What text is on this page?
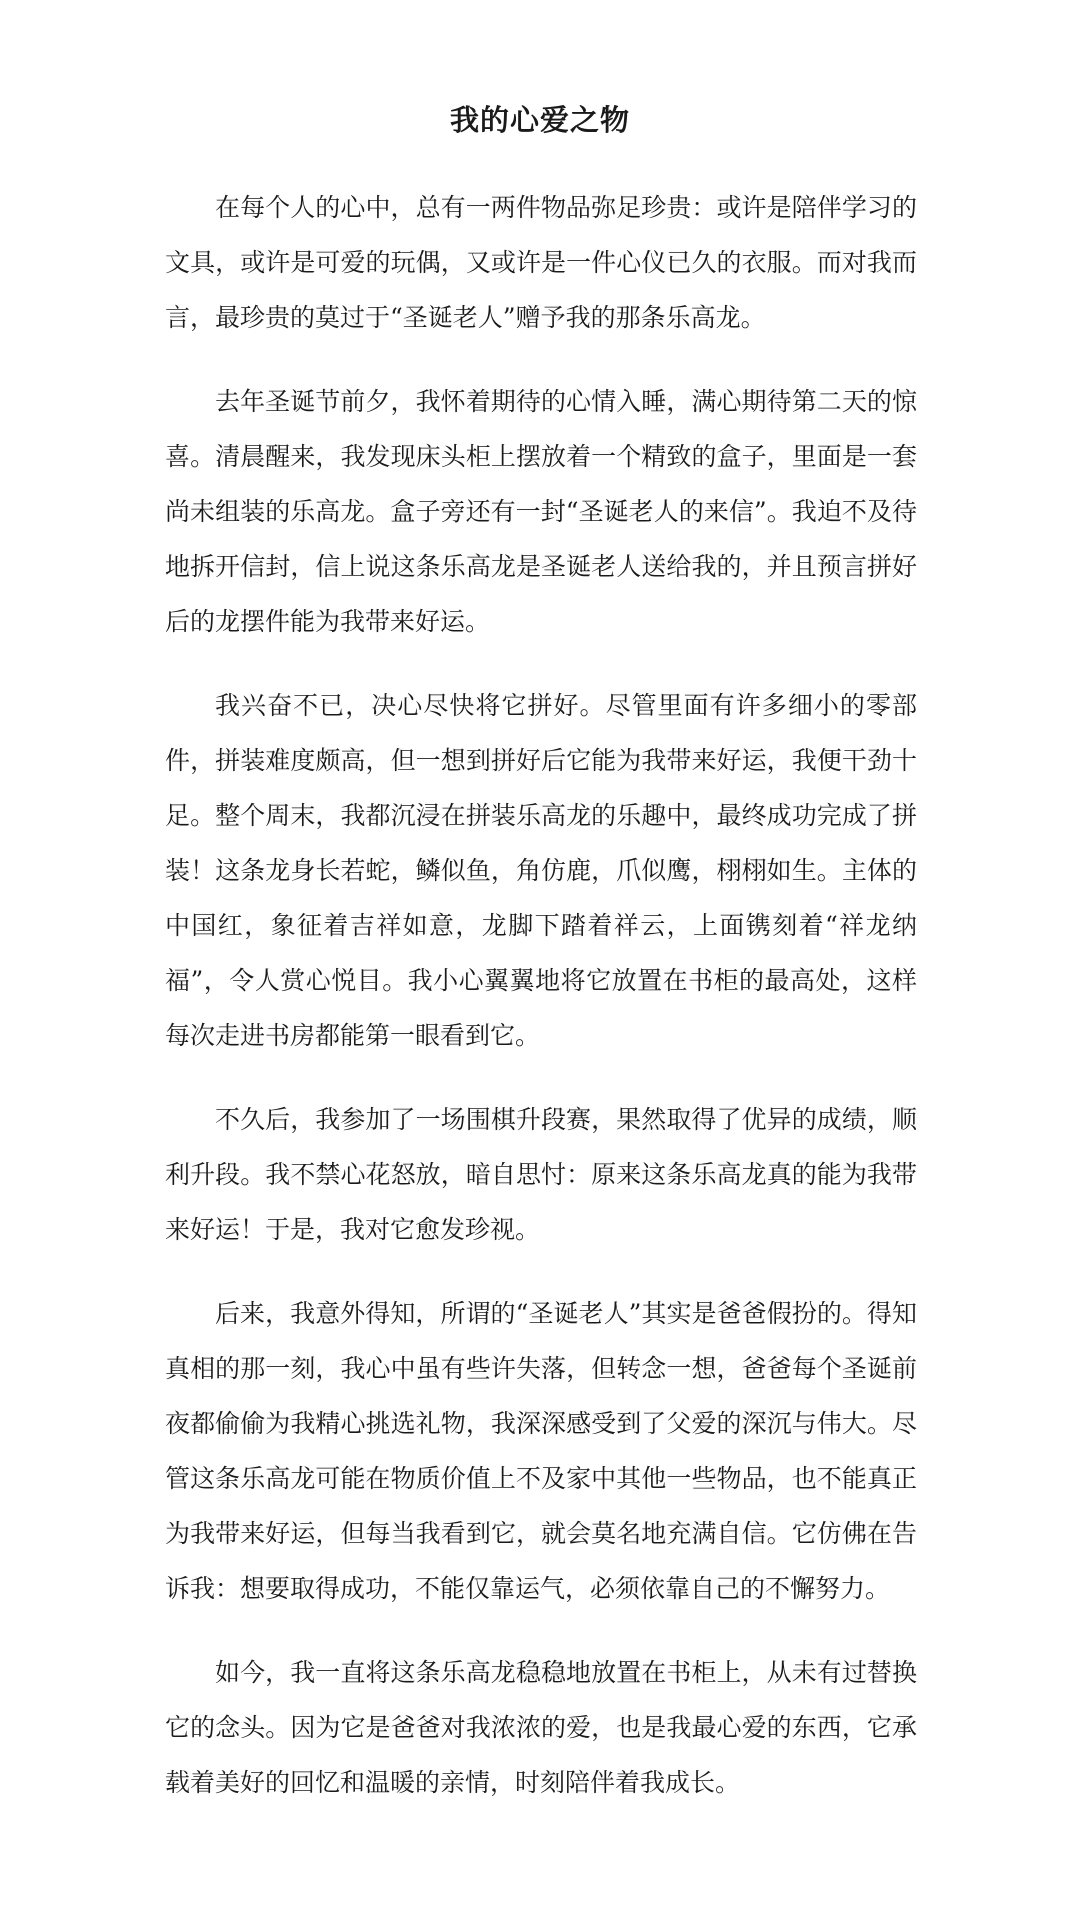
我的心爱之物

在每个人的心中，总有一两件物品弥足珍贵：或许是陪伴学习的文具，或许是可爱的玩偶，又或许是一件心仪已久的衣服。而对我而言，最珍贵的莫过于“圣诞老人”赠予我的那条乐高龙。

去年圣诞节前夕，我怀着期待的心情入睡，满心期待第二天的惊喜。清晨醒来，我发现床头柜上摆放着一个精致的盒子，里面是一套尚未组装的乐高龙。盒子旁还有一封“圣诞老人的来信”。我迫不及待地拆开信封，信上说这条乐高龙是圣诞老人送给我的，并且预言拼好后的龙摆件能为我带来好运。

我兴奋不已，决心尽快将它拼好。尽管里面有许多细小的零部件，拼装难度颇高，但一想到拼好后它能为我带来好运，我便干劲十足。整个周末，我都沉浸在拼装乐高龙的乐趣中，最终成功完成了拼装！这条龙身长若蛇，鳞似鱼，角仿鹿，爪似鹰，栩栩如生。主体的中国红，象征着吉祥如意，龙脚下踏着祥云，上面镌刻着“祥龙纳福”，令人赏心悦目。我小心翼翼地将它放置在书柜的最高处，这样每次走进书房都能第一眼看到它。

不久后，我参加了一场围棋升段赛，果然取得了优异的成绩，顺利升段。我不禁心花怒放，暗自思忖：原来这条乐高龙真的能为我带来好运！于是，我对它愈发珍视。

后来，我意外得知，所谓的“圣诞老人”其实是爸爸假扮的。得知真相的那一刻，我心中虽有些许失落，但转念一想，爸爸每个圣诞前夜都偷偷为我精心挑选礼物，我深深感受到了父爱的深沉与伟大。尽管这条乐高龙可能在物质价值上不及家中其他一些物品，也不能真正为我带来好运，但每当我看到它，就会莫名地充满自信。它仿佛在告诉我：想要取得成功，不能仅靠运气，必须依靠自己的不懈努力。

如今，我一直将这条乐高龙稳稳地放置在书柜上，从未有过替换它的念头。因为它是爸爸对我浓浓的爱，也是我最心爱的东西，它承载着美好的回忆和温暖的亲情，时刻陪伴着我成长。
